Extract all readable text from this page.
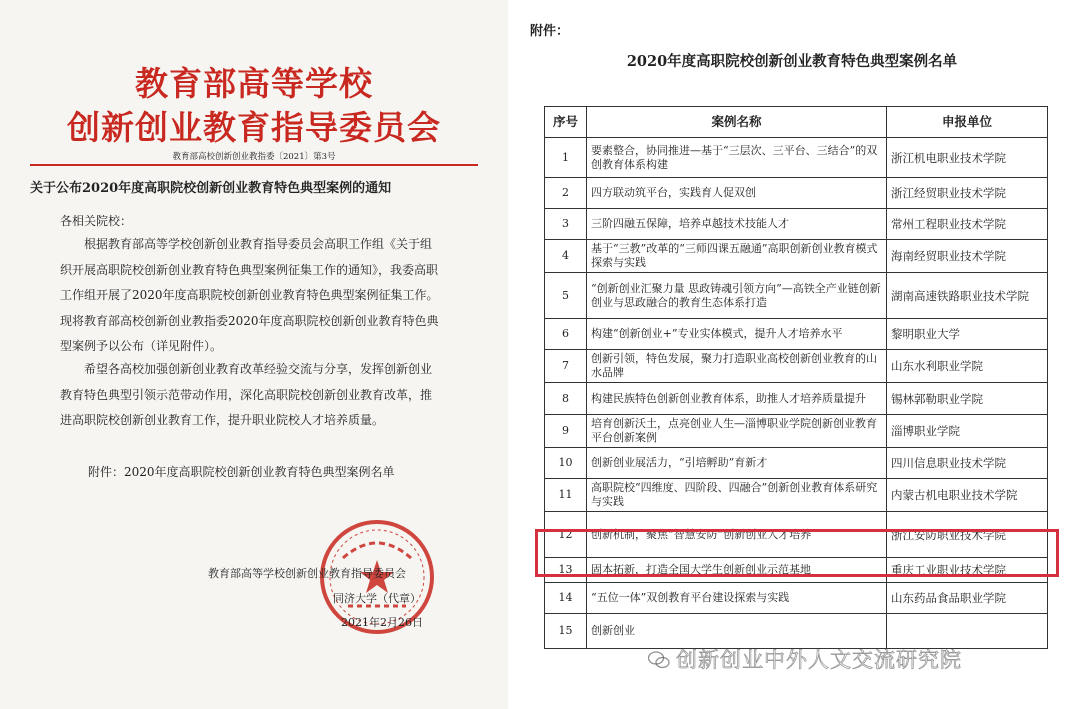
教育部高等学校
创新创业教育指导委员会
教育部高校创新创业教指委〔2021〕第3号
关于公布2020年度高职院校创新创业教育特色典型案例的通知
各相关院校：
根据教育部高等学校创新创业教育指导委员会高职工作组《关于组织开展高职院校创新创业教育特色典型案例征集工作的通知》，我委高职工作组开展了2020年度高职院校创新创业教育特色典型案例征集工作。现将教育部高校创新创业教指委2020年度高职院校创新创业教育特色典型案例予以公布（详见附件）。
希望各高校加强创新创业教育改革经验交流与分享，发挥创新创业教育特色典型引领示范带动作用，深化高职院校创新创业教育改革，推进高职院校创新创业教育工作，提升职业院校人才培养质量。
附件：2020年度高职院校创新创业教育特色典型案例名单
教育部高等学校创新创业教育指导委员会
同济大学（代章）
2021年2月26日
附件：
2020年度高职院校创新创业教育特色典型案例名单
序号	案例名称	申报单位
1	要素整合，协同推进—基于“三层次、三平台、三结合”的双创教育体系构建	浙江机电职业技术学院
2	四方联动筑平台，实践育人促双创	浙江经贸职业技术学院
3	三阶四融五保障，培养卓越技术技能人才	常州工程职业技术学院
4	基于“三教”改革的“三师四课五融通”高职创新创业教育模式探索与实践	海南经贸职业技术学院
5	“创新创业汇聚力量 思政铸魂引领方向”—高铁全产业链创新创业与思政融合的教育生态体系打造	湖南高速铁路职业技术学院
6	构建“创新创业+”专业实体模式，提升人才培养水平	黎明职业大学
7	创新引领，特色发展，聚力打造职业高校创新创业教育的山水品牌	山东水利职业学院
8	构建民族特色创新创业教育体系，助推人才培养质量提升	锡林郭勒职业学院
9	培育创新沃土，点亮创业人生—淄博职业学院创新创业教育平台创新案例	淄博职业学院
10	创新创业展活力，“引培孵助”育新才	四川信息职业技术学院
11	高职院校“四维度、四阶段、四融合”创新创业教育体系研究与实践	内蒙古机电职业技术学院
12	创新机制，聚焦“智慧安防”创新创业人才培养	浙江安防职业技术学院
13	固本拓新，打造全国大学生创新创业示范基地	重庆工业职业技术学院
14	“五位一体”双创教育平台建设探索与实践	山东药品食品职业学院
15	创新创业	
创新创业中外人文交流研究院
